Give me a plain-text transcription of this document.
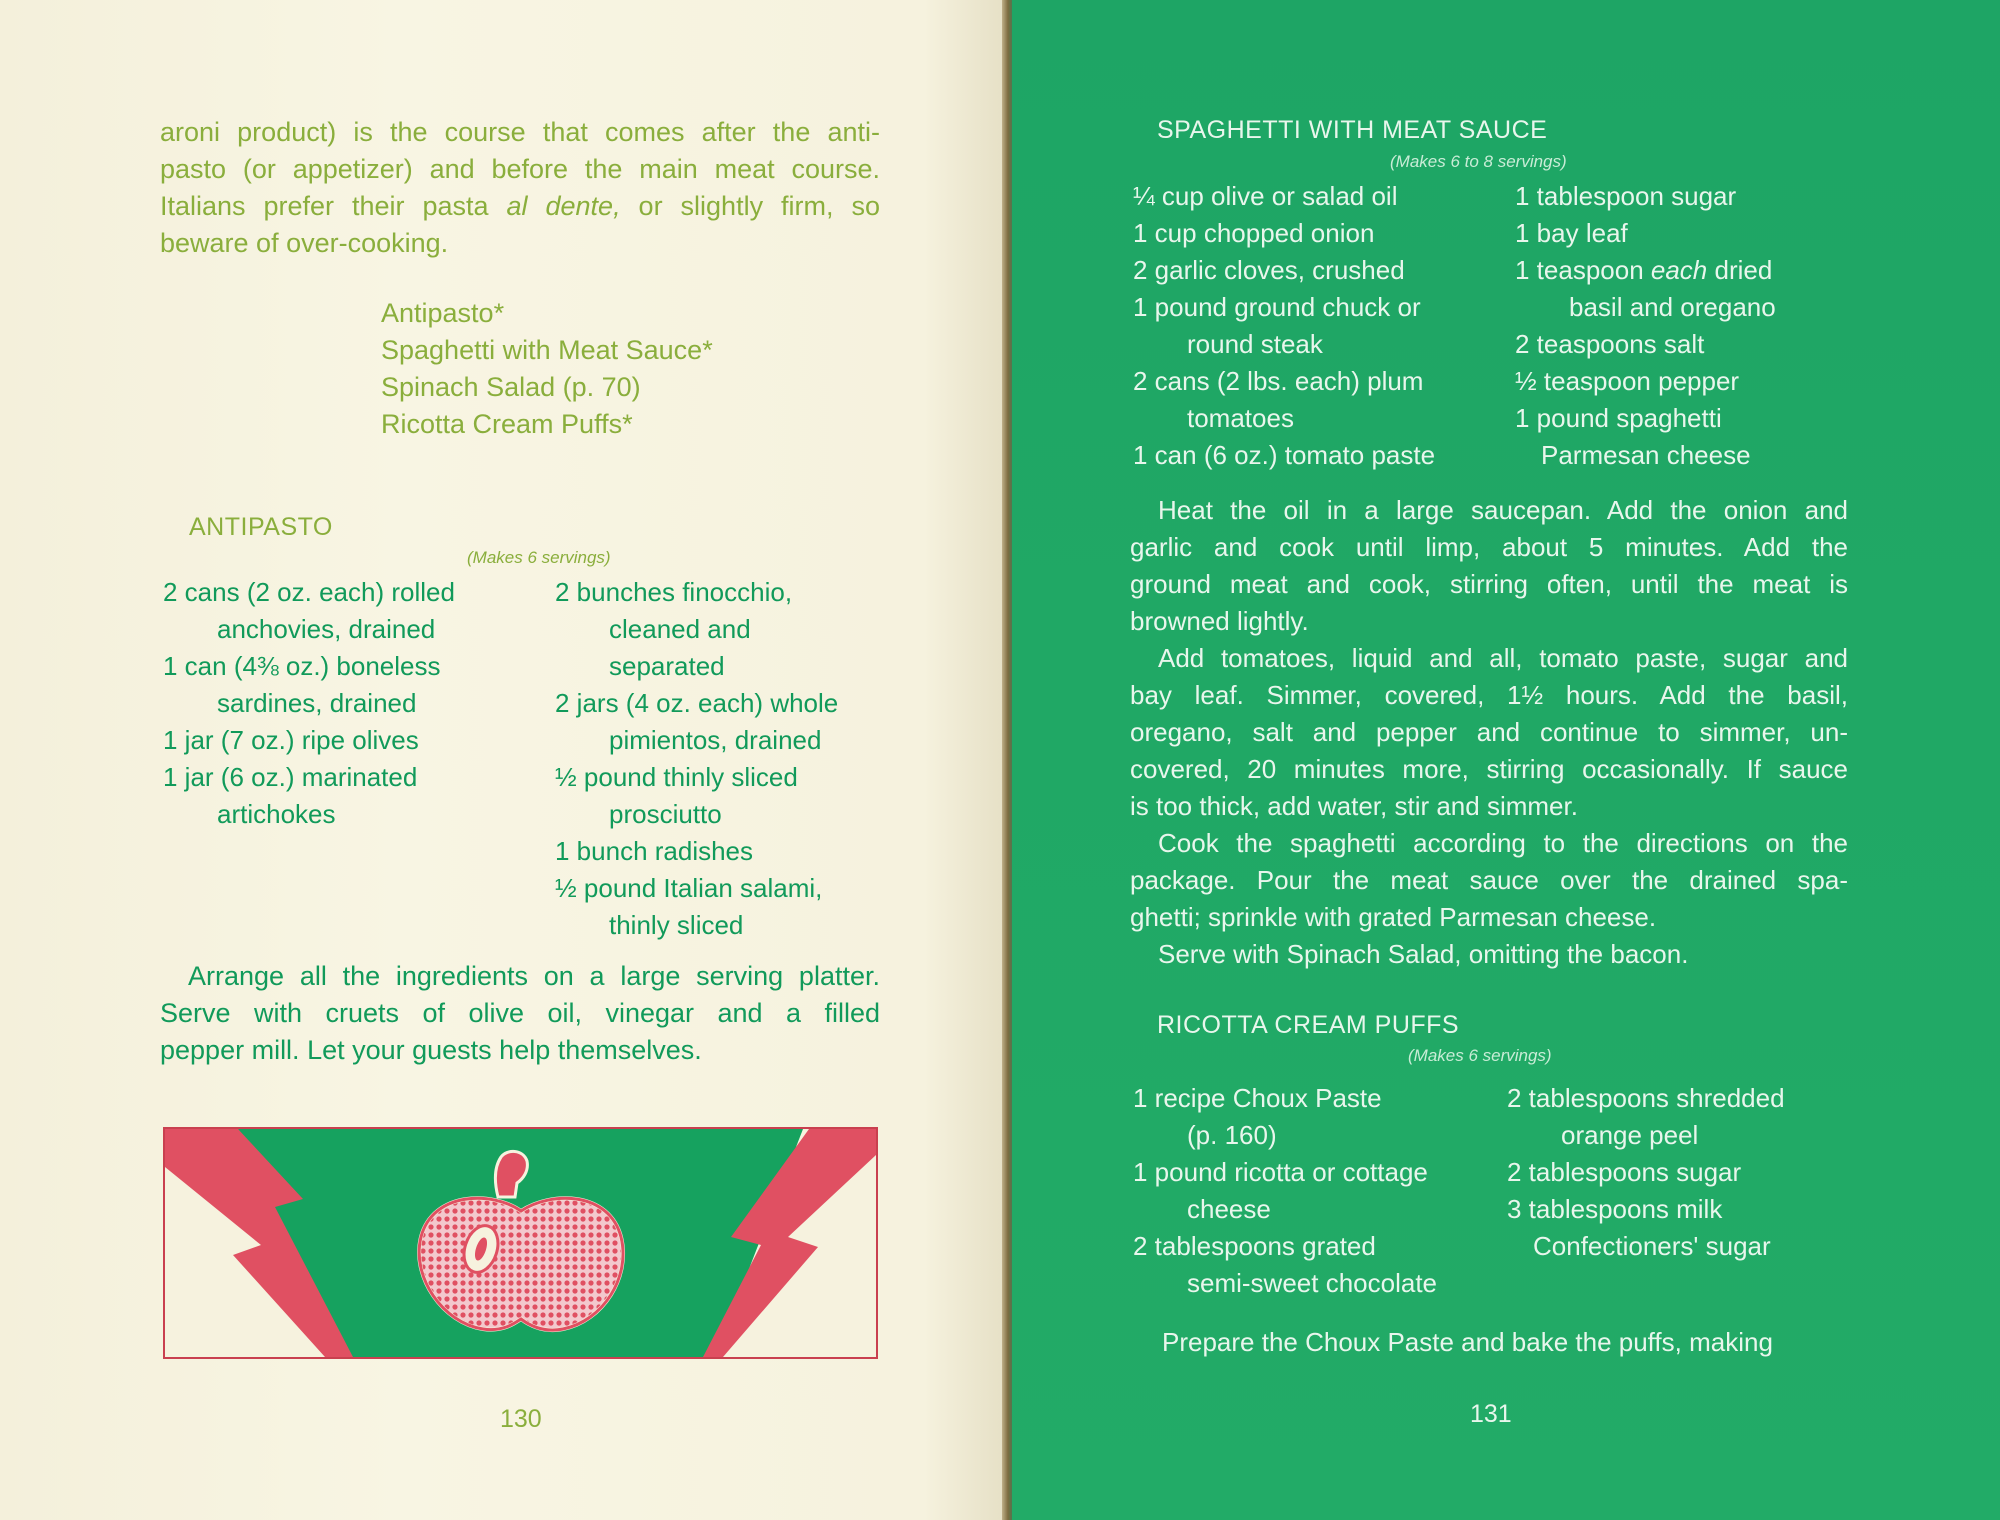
aroni product) is the course that comes after the anti-
pasto (or appetizer) and before the main meat course.
Italians prefer their pasta al dente, or slightly firm, so
beware of over-cooking.
Antipasto*
Spaghetti with Meat Sauce*
Spinach Salad (p. 70)
Ricotta Cream Puffs*
ANTIPASTO
(Makes 6 servings)
2 cans (2 oz. each) rolled
anchovies, drained
1 can (4⅜ oz.) boneless
sardines, drained
1 jar (7 oz.) ripe olives
1 jar (6 oz.) marinated
artichokes
2 bunches finocchio,
cleaned and
separated
2 jars (4 oz. each) whole
pimientos, drained
½ pound thinly sliced
prosciutto
1 bunch radishes
½ pound Italian salami,
thinly sliced
Arrange all the ingredients on a large serving platter.
Serve with cruets of olive oil, vinegar and a filled
pepper mill. Let your guests help themselves.
130
SPAGHETTI WITH MEAT SAUCE
(Makes 6 to 8 servings)
¼ cup olive or salad oil
1 cup chopped onion
2 garlic cloves, crushed
1 pound ground chuck or
round steak
2 cans (2 lbs. each) plum
tomatoes
1 can (6 oz.) tomato paste
1 tablespoon sugar
1 bay leaf
1 teaspoon each dried
basil and oregano
2 teaspoons salt
½ teaspoon pepper
1 pound spaghetti
Parmesan cheese
Heat the oil in a large saucepan. Add the onion and
garlic and cook until limp, about 5 minutes. Add the
ground meat and cook, stirring often, until the meat is
browned lightly.
Add tomatoes, liquid and all, tomato paste, sugar and
bay leaf. Simmer, covered, 1½ hours. Add the basil,
oregano, salt and pepper and continue to simmer, un-
covered, 20 minutes more, stirring occasionally. If sauce
is too thick, add water, stir and simmer.
Cook the spaghetti according to the directions on the
package. Pour the meat sauce over the drained spa-
ghetti; sprinkle with grated Parmesan cheese.
Serve with Spinach Salad, omitting the bacon.
RICOTTA CREAM PUFFS
(Makes 6 servings)
1 recipe Choux Paste
(p. 160)
1 pound ricotta or cottage
cheese
2 tablespoons grated
semi-sweet chocolate
2 tablespoons shredded
orange peel
2 tablespoons sugar
3 tablespoons milk
Confectioners' sugar
Prepare the Choux Paste and bake the puffs, making
131
